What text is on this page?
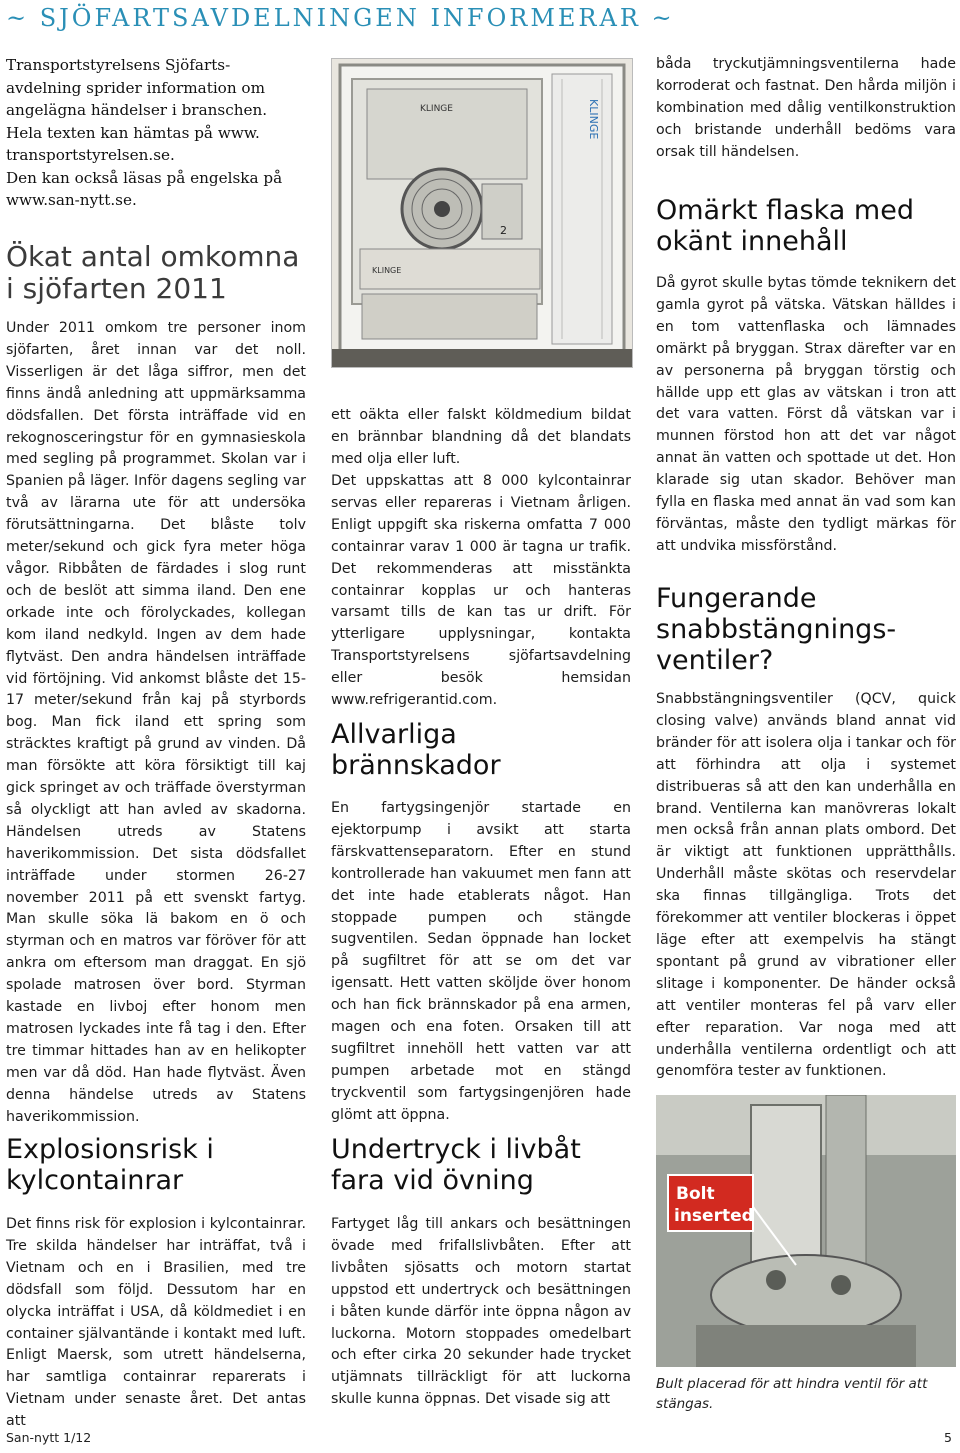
~ SJÖFARTSAVDELNINGEN INFORMERAR ~

Transportstyrelsens Sjöfarts-
avdelning sprider information om
angelägna händelser i branschen.
Hela texten kan hämtas på www.
transportstyrelsen.se.
Den kan också läsas på engelska på
www.san-nytt.se.

Ökat antal omkomna
i sjöfarten 2011

Under 2011 omkom tre personer inom sjöfarten, året innan var det noll. Visserligen är det låga siffror, men det finns ändå anledning att uppmärksamma dödsfallen. Det första inträffade vid en rekognosceringstur för en gymnasieskola med segling på programmet. Skolan var i Spanien på läger. Inför dagens segling var två av lärarna ute för att undersöka förutsättningarna. Det blåste tolv meter/sekund och gick fyra meter höga vågor. Ribbåten de färdades i slog runt och de beslöt att simma iland. Den ene orkade inte och förolyckades, kollegan kom iland nedkyld. Ingen av dem hade flytväst. Den andra händelsen inträffade vid förtöjning. Vid ankomst blåste det 15-17 meter/sekund från kaj på styrbords bog. Man fick iland ett spring som sträcktes kraftigt på grund av vinden. Då man försökte att köra försiktigt till kaj gick springet av och träffade överstyrman så olyckligt att han avled av skadorna. Händelsen utreds av Statens haverikommission. Det sista dödsfallet inträffade under stormen 26-27 november 2011 på ett svenskt fartyg. Man skulle söka lä bakom en ö och styrman och en matros var föröver för att ankra om eftersom man draggat. En sjö spolade matrosen över bord. Styrman kastade en livboj efter honom men matrosen lyckades inte få tag i den. Efter tre timmar hittades han av en helikopter men var då död. Han hade flytväst. Även denna händelse utreds av Statens haverikommission.

Explosionsrisk i
kylcontainrar

Det finns risk för explosion i kylcontainrar. Tre skilda händelser har inträffat, två i Vietnam och en i Brasilien, med tre dödsfall som följd. Dessutom har en olycka inträffat i USA, då köldmediet i en container självantände i kontakt med luft. Enligt Maersk, som utrett händelserna, har samtliga containrar reparerats i Vietnam under senaste året. Det antas att

KLINGE
2
KLINGE
KLINGE

ett oäkta eller falskt köldmedium bildat en brännbar blandning då det blandats med olja eller luft.

Det uppskattas att 8 000 kylcontainrar servas eller repareras i Vietnam årligen. Enligt uppgift ska riskerna omfatta 7 000 containrar varav 1 000 är tagna ur trafik. Det rekommenderas att misstänkta containrar kopplas ur och hanteras varsamt tills de kan tas ur drift. För ytterligare upplysningar, kontakta Transportstyrelsens sjöfartsavdelning eller besök hemsidan www.refrigerantid.com.

Allvarliga
brännskador

En fartygsingenjör startade en ejektorpump i avsikt att starta färskvattenseparatorn. Efter en stund kontrollerade han vakuumet men fann att det inte hade etablerats något. Han stoppade pumpen och stängde sugventilen. Sedan öppnade han locket på sugfiltret för att se om det var igensatt. Hett vatten sköljde över honom och han fick brännskador på ena armen, magen och ena foten. Orsaken till att sugfiltret innehöll hett vatten var att pumpen arbetade mot en stängd tryckventil som fartygsingenjören hade glömt att öppna.

Undertryck i livbåt
fara vid övning

Fartyget låg till ankars och besättningen övade med frifallslivbåten. Efter att livbåten sjösatts och motorn startat uppstod ett undertryck och besättningen i båten kunde därför inte öppna någon av luckorna. Motorn stoppades omedelbart och efter cirka 20 sekunder hade trycket utjämnats tillräckligt för att luckorna skulle kunna öppnas. Det visade sig att

båda tryckutjämningsventilerna hade korroderat och fastnat. Den hårda miljön i kombination med dålig ventilkonstruktion och bristande underhåll bedöms vara orsak till händelsen.

Omärkt flaska med
okänt innehåll

Då gyrot skulle bytas tömde teknikern det gamla gyrot på vätska. Vätskan hälldes i en tom vattenflaska och lämnades omärkt på bryggan. Strax därefter var en av personerna på bryggan törstig och hällde upp ett glas av vätskan i tron att det vara vatten. Först då vätskan var i munnen förstod hon att det var något annat än vatten och spottade ut det. Hon klarade sig utan skador. Behöver man fylla en flaska med annat än vad som kan förväntas, måste den tydligt märkas för att undvika missförstånd.

Fungerande
snabbstängnings-
ventiler?

Snabbstängningsventiler (QCV, quick closing valve) används bland annat vid bränder för att isolera olja i tankar och för att förhindra att olja i systemet distribueras så att den kan underhålla en brand. Ventilerna kan manövreras lokalt men också från annan plats ombord. Det är viktigt att funktionen upprätthålls. Underhåll måste skötas och reservdelar ska finnas tillgängliga. Trots det förekommer att ventiler blockeras i öppet läge efter att exempelvis ha stängt spontant på grund av vibrationer eller slitage i komponenter. De händer också att ventiler monteras fel på varv eller efter reparation. Var noga med att underhålla ventilerna ordentligt och att genomföra tester av funktionen.

Bolt
inserted
Bult placerad för att hindra ventil för att stängas.
San-nytt 1/12	5
